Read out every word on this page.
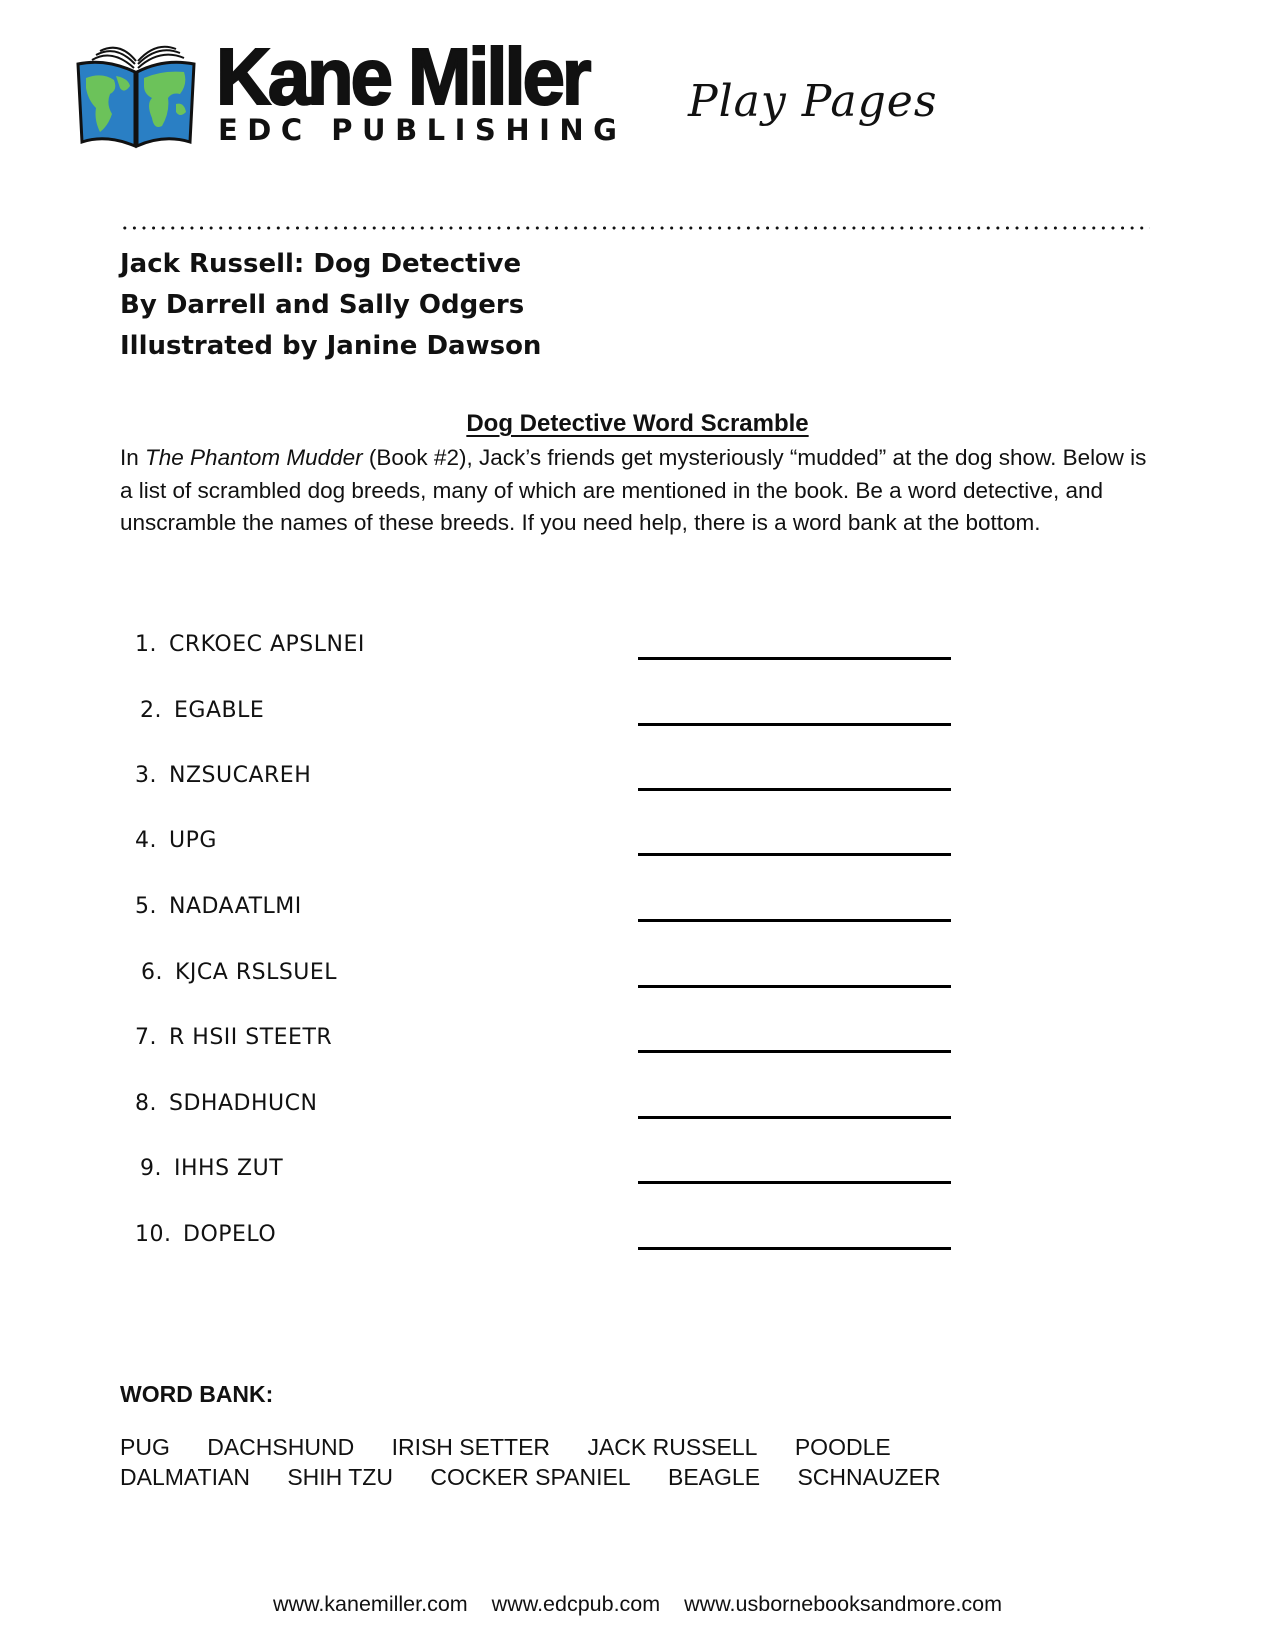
Kane Miller
EDC PUBLISHING
Play Pages
Jack Russell: Dog Detective
By Darrell and Sally Odgers
Illustrated by Janine Dawson
Dog Detective Word Scramble
In The Phantom Mudder (Book #2), Jack’s friends get mysteriously “mudded” at the dog show. Below is a list of scrambled dog breeds, many of which are mentioned in the book. Be a word detective, and unscramble the names of these breeds. If you need help, there is a word bank at the bottom.
1. CRKOEC APSLNEI
2. EGABLE
3. NZSUCAREH
4. UPG
5. NADAATLMI
6. KJCA RSLSUEL
7. R HSII STEETR
8. SDHADHUCN
9. IHHS ZUT
10. DOPELO
WORD BANK:
PUG DACHSHUND IRISH SETTER JACK RUSSELL POODLE
DALMATIAN SHIH TZU COCKER SPANIEL BEAGLE SCHNAUZER
www.kanemiller.com www.edcpub.com www.usbornebooksandmore.com
